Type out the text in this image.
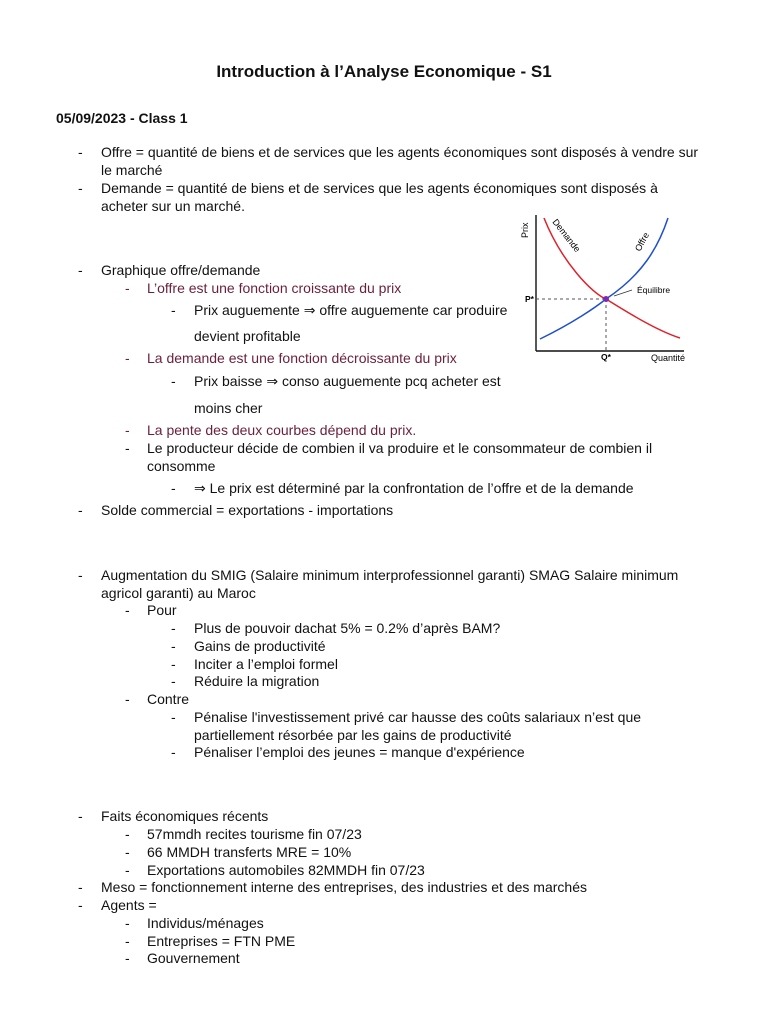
Introduction à l’Analyse Economique - S1
05/09/2023 - Class 1
- Offre = quantité de biens et de services que les agents économiques sont disposés à vendre sur
le marché
- Demande = quantité de biens et de services que les agents économiques sont disposés à
acheter sur un marché.
- Graphique offre/demande
- L’offre est une fonction croissante du prix
- Prix auguemente ⇒ offre auguemente car produire
devient profitable
- La demande est une fonction décroissante du prix
- Prix baisse ⇒ conso auguemente pcq acheter est
moins cher
- La pente des deux courbes dépend du prix.
- Le producteur décide de combien il va produire et le consommateur de combien il
consomme
- ⇒ Le prix est déterminé par la confrontation de l’offre et de la demande
- Solde commercial = exportations - importations
- Augmentation du SMIG (Salaire minimum interprofessionnel garanti) SMAG Salaire minimum
agricol garanti) au Maroc
- Pour
- Plus de pouvoir dachat 5% = 0.2% d’après BAM?
- Gains de productivité
- Inciter a l’emploi formel
- Réduire la migration
- Contre
- Pénalise l'investissement privé car hausse des coûts salariaux n’est que
partiellement résorbée par les gains de productivité
- Pénaliser l’emploi des jeunes = manque d'expérience
- Faits économiques récents
- 57mmdh recites tourisme fin 07/23
- 66 MMDH transferts MRE = 10%
- Exportations automobiles 82MMDH fin 07/23
- Meso = fonctionnement interne des entreprises, des industries et des marchés
- Agents =
- Individus/ménages
- Entreprises = FTN PME
- Gouvernement
Prix
Quantité
Demande	Offre
Équilibre
P*
Q*
